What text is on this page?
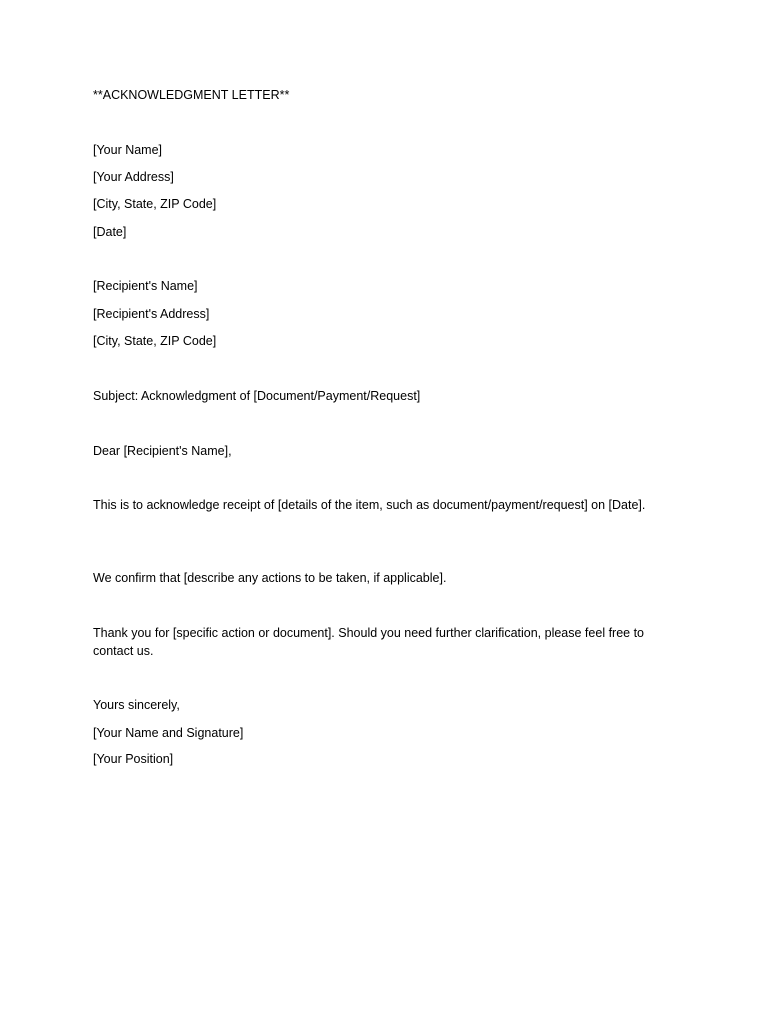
**ACKNOWLEDGMENT LETTER**
[Your Name]
[Your Address]
[City, State, ZIP Code]
[Date]
[Recipient's Name]
[Recipient's Address]
[City, State, ZIP Code]
Subject: Acknowledgment of [Document/Payment/Request]
Dear [Recipient's Name],
This is to acknowledge receipt of [details of the item, such as document/payment/request] on [Date].
We confirm that [describe any actions to be taken, if applicable].
Thank you for [specific action or document]. Should you need further clarification, please feel free to contact us.
Yours sincerely,
[Your Name and Signature]
[Your Position]
